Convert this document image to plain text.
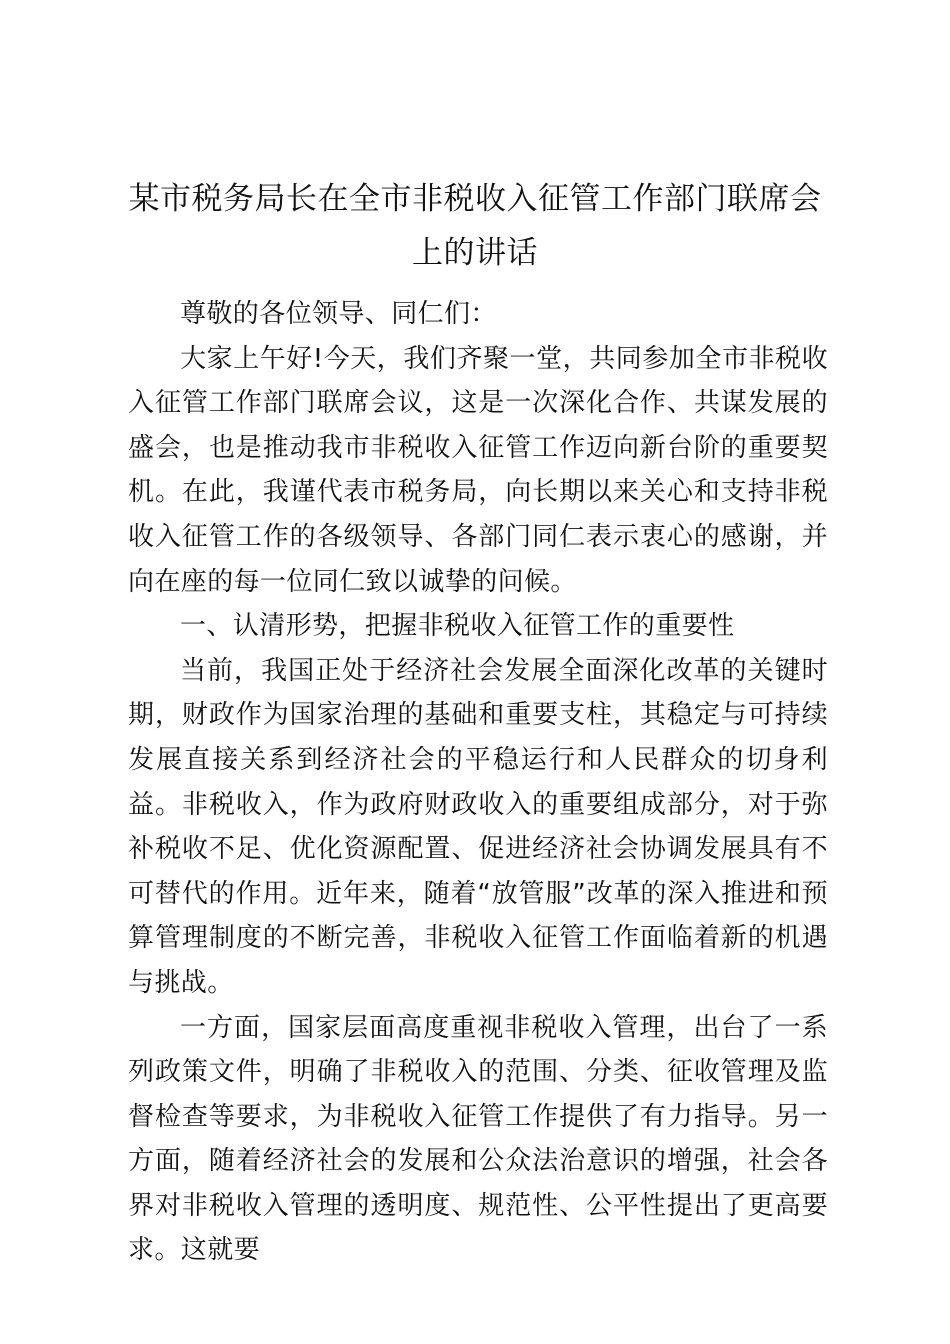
某市税务局长在全市非税收入征管工作部门联席会上的讲话

尊敬的各位领导、同仁们：

大家上午好!今天，我们齐聚一堂，共同参加全市非税收入征管工作部门联席会议，这是一次深化合作、共谋发展的盛会，也是推动我市非税收入征管工作迈向新台阶的重要契机。在此，我谨代表市税务局，向长期以来关心和支持非税收入征管工作的各级领导、各部门同仁表示衷心的感谢，并向在座的每一位同仁致以诚挚的问候。

一、认清形势，把握非税收入征管工作的重要性

当前，我国正处于经济社会发展全面深化改革的关键时期，财政作为国家治理的基础和重要支柱，其稳定与可持续发展直接关系到经济社会的平稳运行和人民群众的切身利益。非税收入，作为政府财政收入的重要组成部分，对于弥补税收不足、优化资源配置、促进经济社会协调发展具有不可替代的作用。近年来，随着“放管服”改革的深入推进和预算管理制度的不断完善，非税收入征管工作面临着新的机遇与挑战。

一方面，国家层面高度重视非税收入管理，出台了一系列政策文件，明确了非税收入的范围、分类、征收管理及监督检查等要求，为非税收入征管工作提供了有力指导。另一方面，随着经济社会的发展和公众法治意识的增强，社会各界对非税收入管理的透明度、规范性、公平性提出了更高要求。这就要
